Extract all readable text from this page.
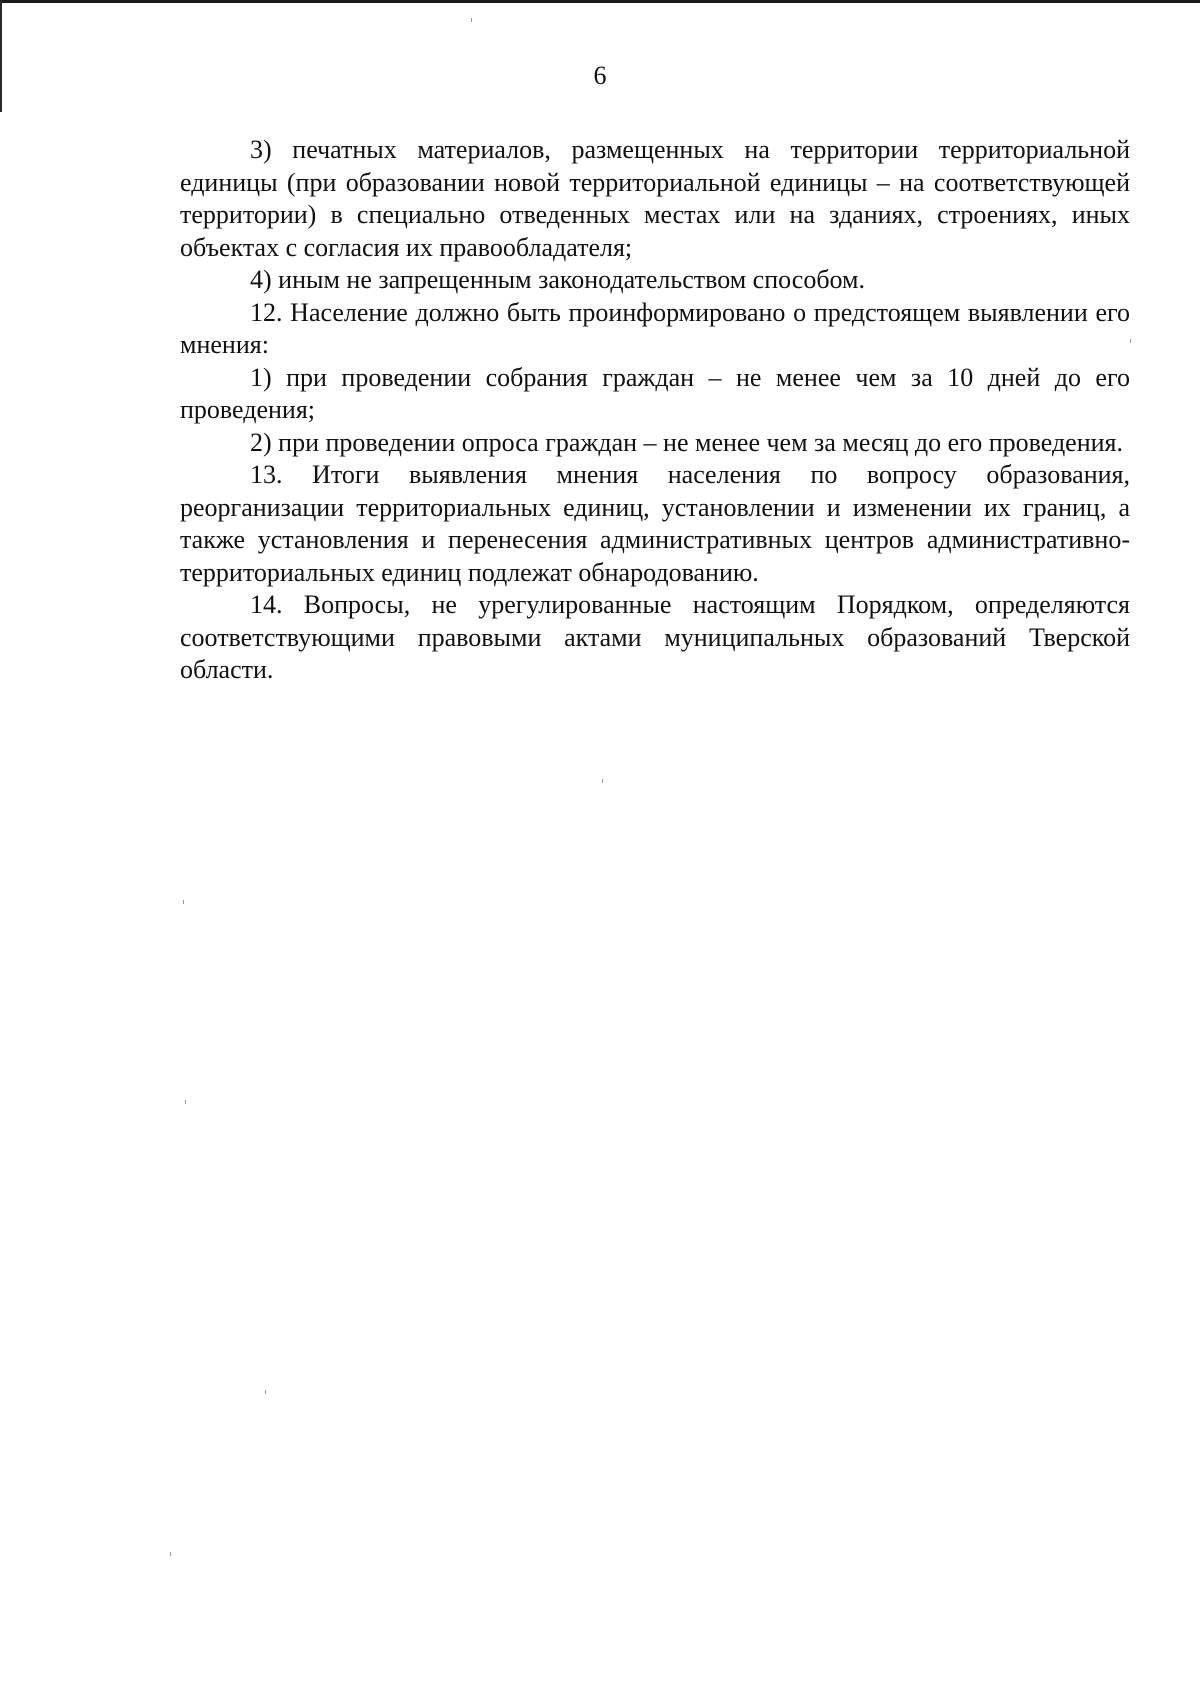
6

3) печатных материалов, размещенных на территории территориальной единицы (при образовании новой территориальной единицы – на соответствующей территории) в специально отведенных местах или на зданиях, строениях, иных объектах с согласия их правообладателя;

4) иным не запрещенным законодательством способом.

12. Население должно быть проинформировано о предстоящем выявлении его мнения:

1) при проведении собрания граждан – не менее чем за 10 дней до его проведения;

2) при проведении опроса граждан – не менее чем за месяц до его проведения.

13. Итоги выявления мнения населения по вопросу образования, реорганизации территориальных единиц, установлении и изменении их границ, а также установления и перенесения административных центров административно-территориальных единиц подлежат обнародованию.

14. Вопросы, не урегулированные настоящим Порядком, определяются соответствующими правовыми актами муниципальных образований Тверской области.
